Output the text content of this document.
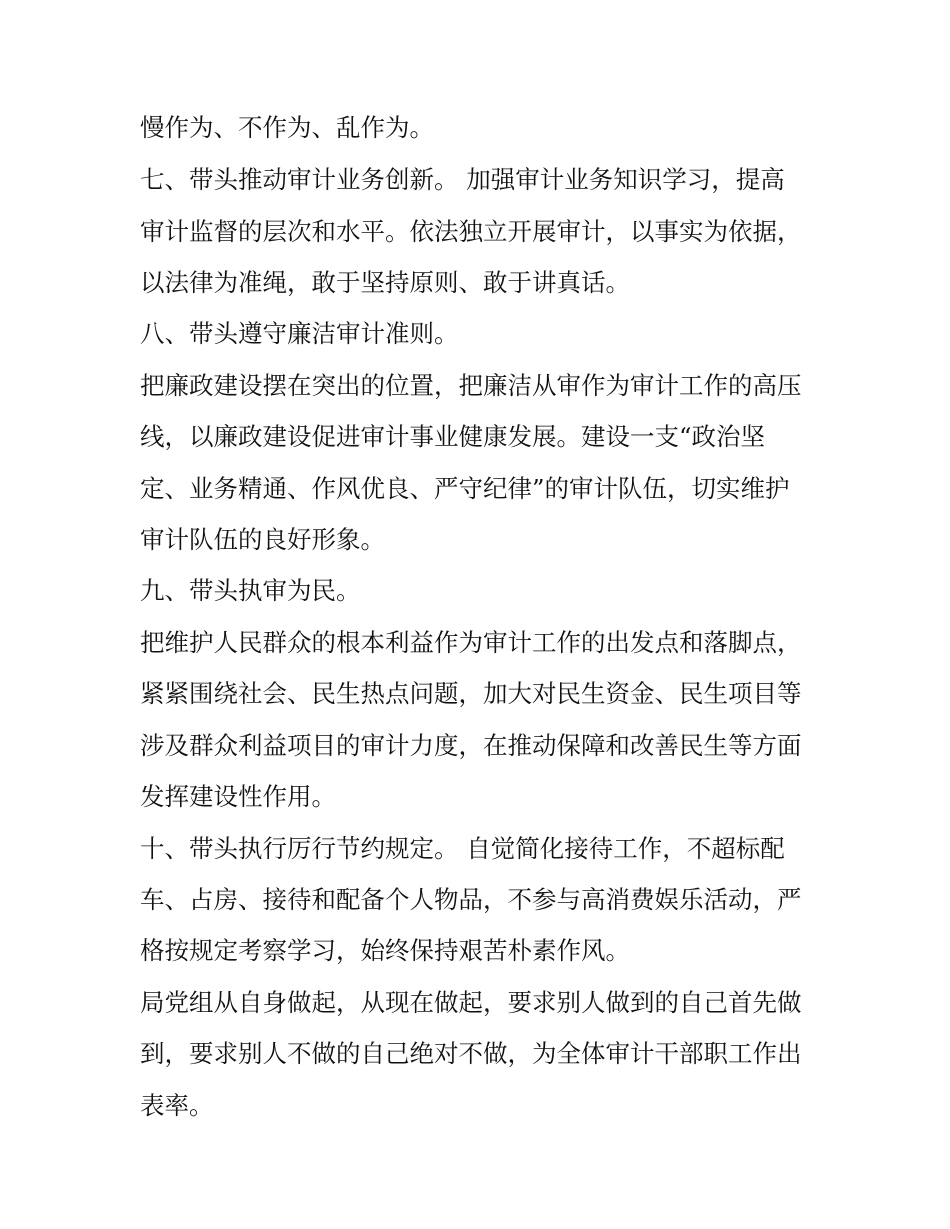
慢作为、不作为、乱作为。

七、带头推动审计业务创新。 加强审计业务知识学习，提高

审计监督的层次和水平。依法独立开展审计，以事实为依据，

以法律为准绳，敢于坚持原则、敢于讲真话。

八、带头遵守廉洁审计准则。

把廉政建设摆在突出的位置，把廉洁从审作为审计工作的高压

线，以廉政建设促进审计事业健康发展。建设一支“政治坚

定、业务精通、作风优良、严守纪律”的审计队伍，切实维护

审计队伍的良好形象。

九、带头执审为民。

把维护人民群众的根本利益作为审计工作的出发点和落脚点，

紧紧围绕社会、民生热点问题，加大对民生资金、民生项目等

涉及群众利益项目的审计力度，在推动保障和改善民生等方面

发挥建设性作用。

十、带头执行厉行节约规定。 自觉简化接待工作，不超标配

车、占房、接待和配备个人物品，不参与高消费娱乐活动，严

格按规定考察学习，始终保持艰苦朴素作风。

局党组从自身做起，从现在做起，要求别人做到的自己首先做

到，要求别人不做的自己绝对不做，为全体审计干部职工作出

表率。
